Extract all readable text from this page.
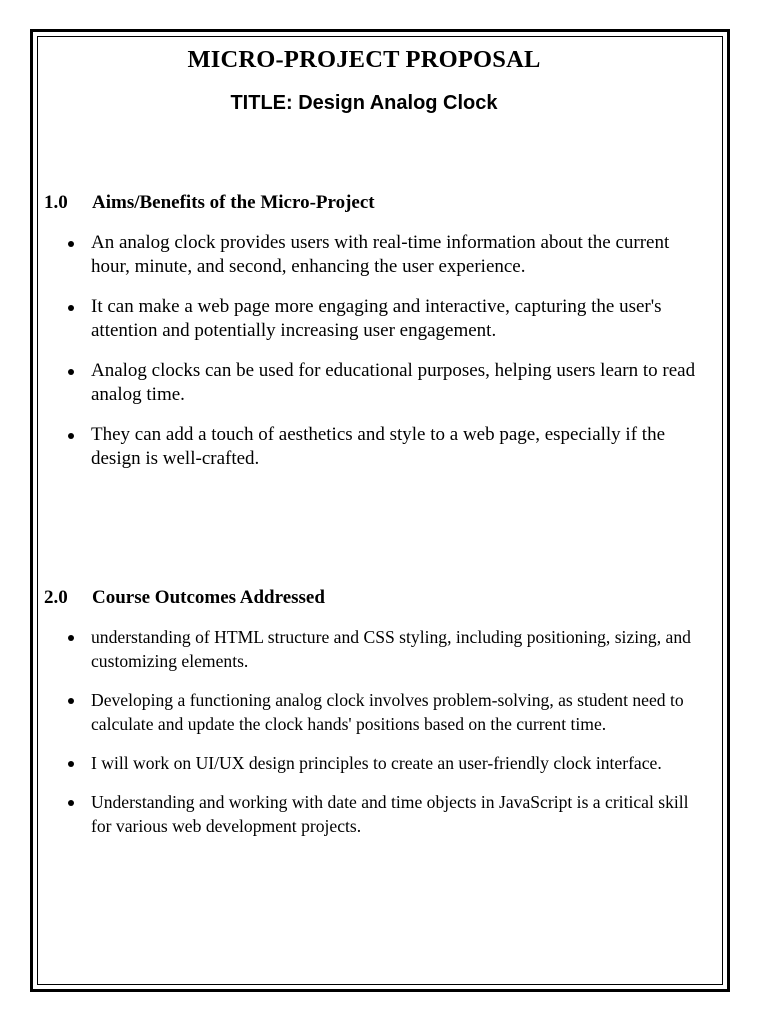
MICRO-PROJECT PROPOSAL
TITLE: Design Analog Clock
1.0 Aims/Benefits of the Micro-Project
An analog clock provides users with real-time information about the current hour, minute, and second, enhancing the user experience.
It can make a web page more engaging and interactive, capturing the user's attention and potentially increasing user engagement.
Analog clocks can be used for educational purposes, helping users learn to read analog time.
They can add a touch of aesthetics and style to a web page, especially if the design is well-crafted.
2.0 Course Outcomes Addressed
understanding of HTML structure and CSS styling, including positioning, sizing, and customizing elements.
Developing a functioning analog clock involves problem-solving, as student need to calculate and update the clock hands' positions based on the current time.
I will work on UI/UX design principles to create an user-friendly clock interface.
Understanding and working with date and time objects in JavaScript is a critical skill for various web development projects.
